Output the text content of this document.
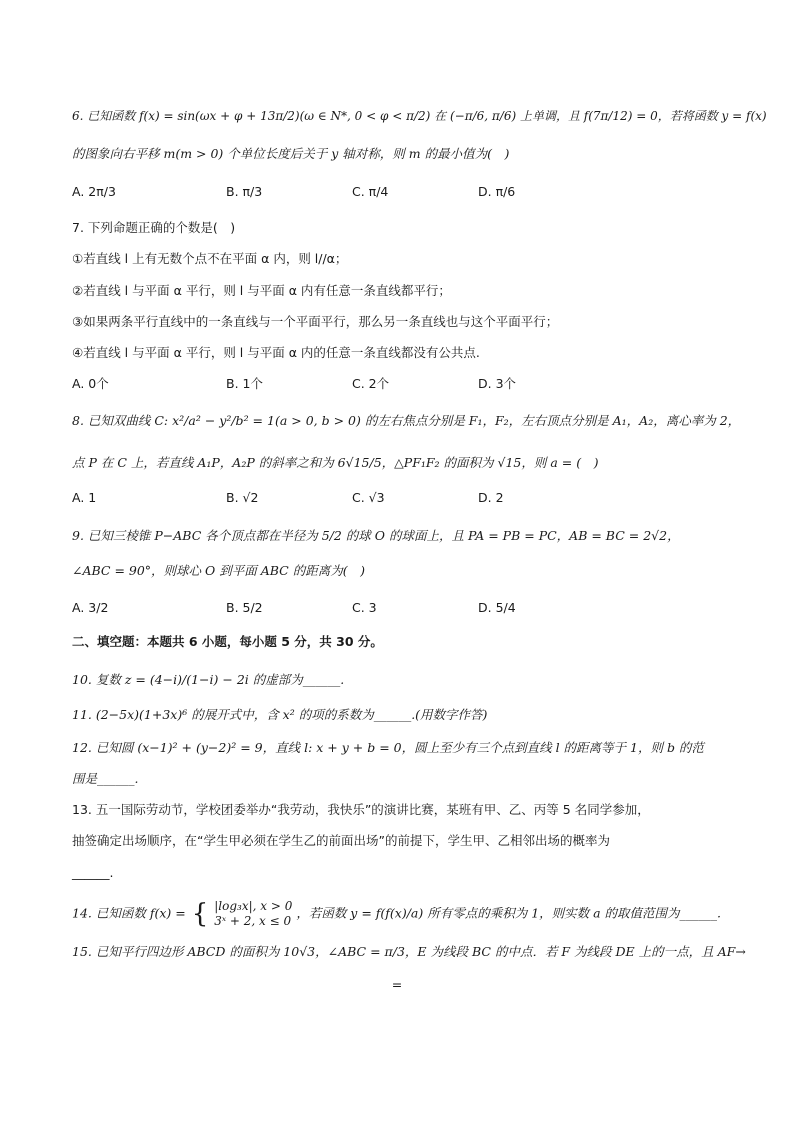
6. 已知函数 f(x) = sin(ωx + φ + 13π/2)(ω ∈ N*, 0 < φ < π/2) 在 (−π/6, π/6) 上单调，且 f(7π/12) = 0，若将函数 y = f(x)
的图象向右平移 m(m > 0) 个单位长度后关于 y 轴对称，则 m 的最小值为(　)
A. 2π/3	B. π/3	C. π/4	D. π/6
7. 下列命题正确的个数是(　)
①若直线 l 上有无数个点不在平面 α 内，则 l//α；
②若直线 l 与平面 α 平行，则 l 与平面 α 内有任意一条直线都平行；
③如果两条平行直线中的一条直线与一个平面平行，那么另一条直线也与这个平面平行；
④若直线 l 与平面 α 平行，则 l 与平面 α 内的任意一条直线都没有公共点.
A. 0个	B. 1个	C. 2个	D. 3个
8. 已知双曲线 C: x²/a² − y²/b² = 1(a > 0, b > 0) 的左右焦点分别是 F₁，F₂，左右顶点分别是 A₁，A₂，离心率为 2，
点 P 在 C 上，若直线 A₁P，A₂P 的斜率之和为 6√15/5，△PF₁F₂ 的面积为 √15，则 a = (　)
A. 1	B. √2	C. √3	D. 2
9. 已知三棱锥 P−ABC 各个顶点都在半径为 5/2 的球 O 的球面上，且 PA = PB = PC，AB = BC = 2√2，
∠ABC = 90°，则球心 O 到平面 ABC 的距离为(　)
A. 3/2	B. 5/2	C. 3	D. 5/4
二、填空题：本题共 6 小题，每小题 5 分，共 30 分。
10. 复数 z = (4−i)/(1−i) − 2i 的虚部为______.
11. (2−5x)(1+3x)⁶ 的展开式中，含 x² 的项的系数为______.(用数字作答)
12. 已知圆 (x−1)² + (y−2)² = 9，直线 l: x + y + b = 0，圆上至少有三个点到直线 l 的距离等于 1，则 b 的范
围是______.
13. 五一国际劳动节，学校团委举办“我劳动，我快乐”的演讲比赛，某班有甲、乙、丙等 5 名同学参加，
抽签确定出场顺序，在“学生甲必须在学生乙的前面出场”的前提下，学生甲、乙相邻出场的概率为
______.
14. 已知函数 f(x) = { |log₃x|, x > 0
3ˣ + 2, x ≤ 0
，若函数 y = f(f(x)/a) 所有零点的乘积为 1，则实数 a 的取值范围为______.
15. 已知平行四边形 ABCD 的面积为 10√3，∠ABC = π/3，E 为线段 BC 的中点．若 F 为线段 DE 上的一点，且 AF→
=
